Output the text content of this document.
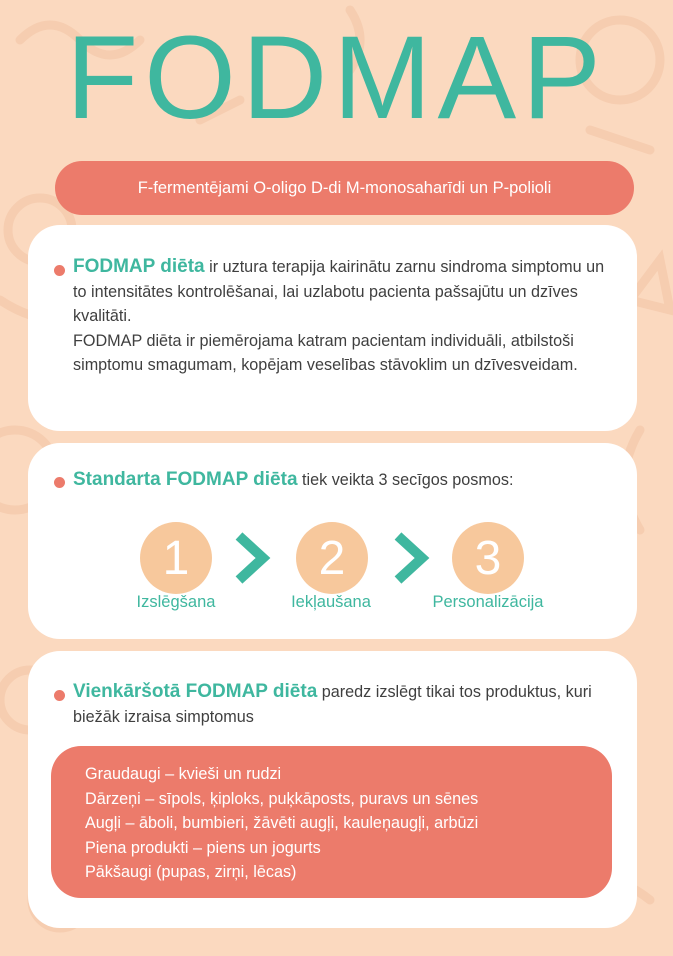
FODMAP
F-fermentējami O-oligo D-di M-monosaharīdi un P-polioli
FODMAP diēta ir uztura terapija kairinātu zarnu sindroma simptomu un to intensitātes kontrolēšanai, lai uzlabotu pacienta pašsajūtu un dzīves kvalitāti.
FODMAP diēta ir piemērojama katram pacientam individuāli, atbilstoši simptomu smagumam, kopējam veselības stāvoklim un dzīvesveidam.
Standarta FODMAP diēta tiek veikta 3 secīgos posmos:
1	2	3
Izslēgšana	Iekļaušana	Personalizācija
Vienkāršotā FODMAP diēta paredz izslēgt tikai tos produktus, kuri biežāk izraisa simptomus
Graudaugi – kvieši un rudzi
Dārzeņi – sīpols, ķiploks, puķkāposts, puravs un sēnes
Augļi – āboli, bumbieri, žāvēti augļi, kauleņaugļi, arbūzi
Piena produkti – piens un jogurts
Pākšaugi (pupas, zirņi, lēcas)
